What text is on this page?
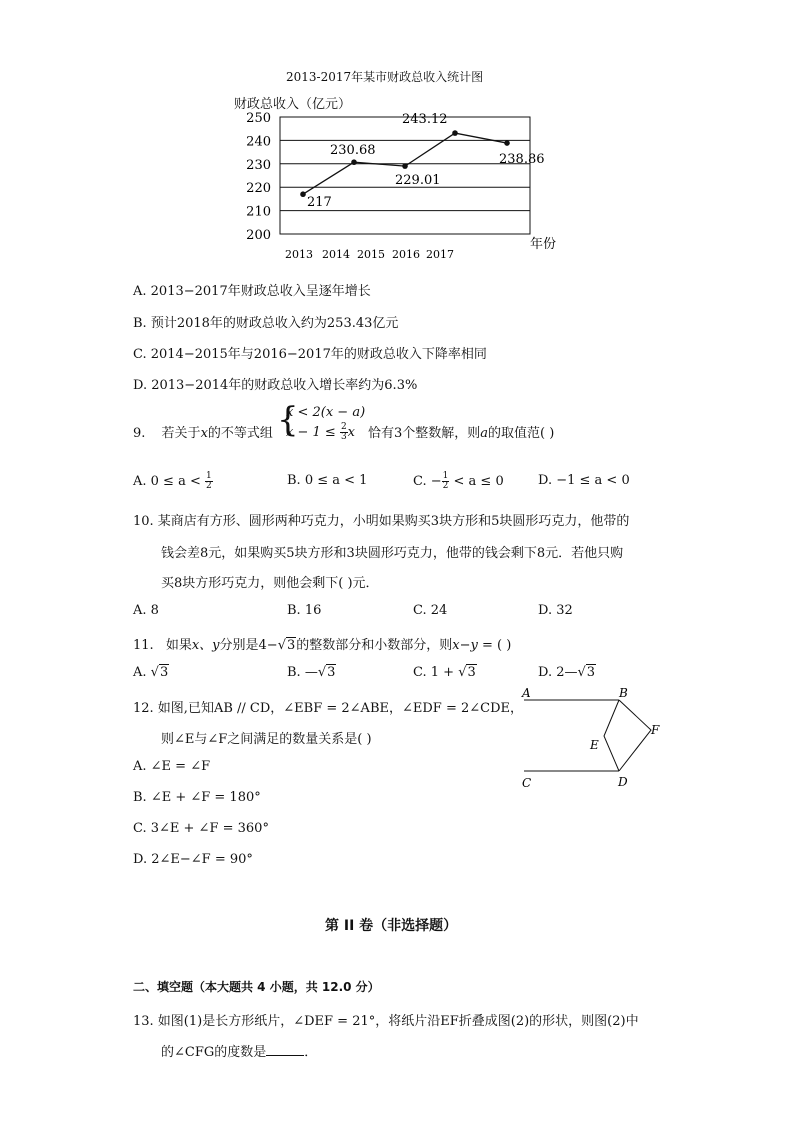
2013-2017年某市财政总收入统计图
财政总收入（亿元）
250
240
230
220
210
200
2013 2014 2015 2016 2017
年份
217
230.68
229.01
243.12
238.86
A. 2013−2017年财政总收入呈逐年增长
B. 预计2018年的财政总收入约为253.43亿元
C. 2014−2015年与2016−2017年的财政总收入下降率相同
D. 2013−2014年的财政总收入增长率约为6.3%
9. 若关于x的不等式组 {
x < 2(x − a)
$x - 1 \le \frac{2}{3}$ x 恰有3个整数解，则a的取值范( )
A. $0 \le a < \frac{1}{2}$	B. 0 ≤ a < 1	C. − $\frac{1}{2} < a \le 0$	D. −1 ≤ a < 0
10. 某商店有方形、圆形两种巧克力，小明如果购买3块方形和5块圆形巧克力，他带的
钱会差8元，如果购买5块方形和3块圆形巧克力，他带的钱会剩下8元．若他只购
买8块方形巧克力，则他会剩下( )元．
A. 8	B. 16	C. 24	D. 32
11. 如果x、y分别是4−√3的整数部分和小数部分，则x−y = ( )
A. √3	B. —√3	C. 1 + √3	D. 2—√3
12. 如图,已知AB // CD，∠EBF = 2∠ABE，∠EDF = 2∠CDE，
则∠E与∠F之间满足的数量关系是( )
A. ∠E = ∠F
B. ∠E + ∠F = 180°
C. 3∠E + ∠F = 360°
D. 2∠E−∠F = 90°
A	B
C	D
E
F
第 II 卷（非选择题）
二、填空题（本大题共 4 小题，共 12.0 分）
13. 如图(1)是长方形纸片，∠DEF = 21°，将纸片沿EF折叠成图(2)的形状，则图(2)中
的∠CFG的度数是	．
